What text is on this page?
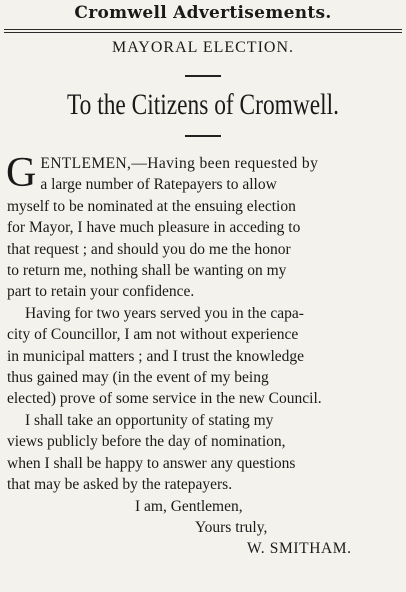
Cromwell Advertisements.
MAYORAL ELECTION.
To the Citizens of Cromwell.
G ENTLEMEN,—Having been requested by
a large number of Ratepayers to allow
myself to be nominated at the ensuing election
for Mayor, I have much pleasure in acceding to
that request ; and should you do me the honor
to return me, nothing shall be wanting on my
part to retain your confidence.
Having for two years served you in the capa-
city of Councillor, I am not without experience
in municipal matters ; and I trust the knowledge
thus gained may (in the event of my being
elected) prove of some service in the new Council.
I shall take an opportunity of stating my
views publicly before the day of nomination,
when I shall be happy to answer any questions
that may be asked by the ratepayers.
I am, Gentlemen,
Yours truly,
W. SMITHAM.
